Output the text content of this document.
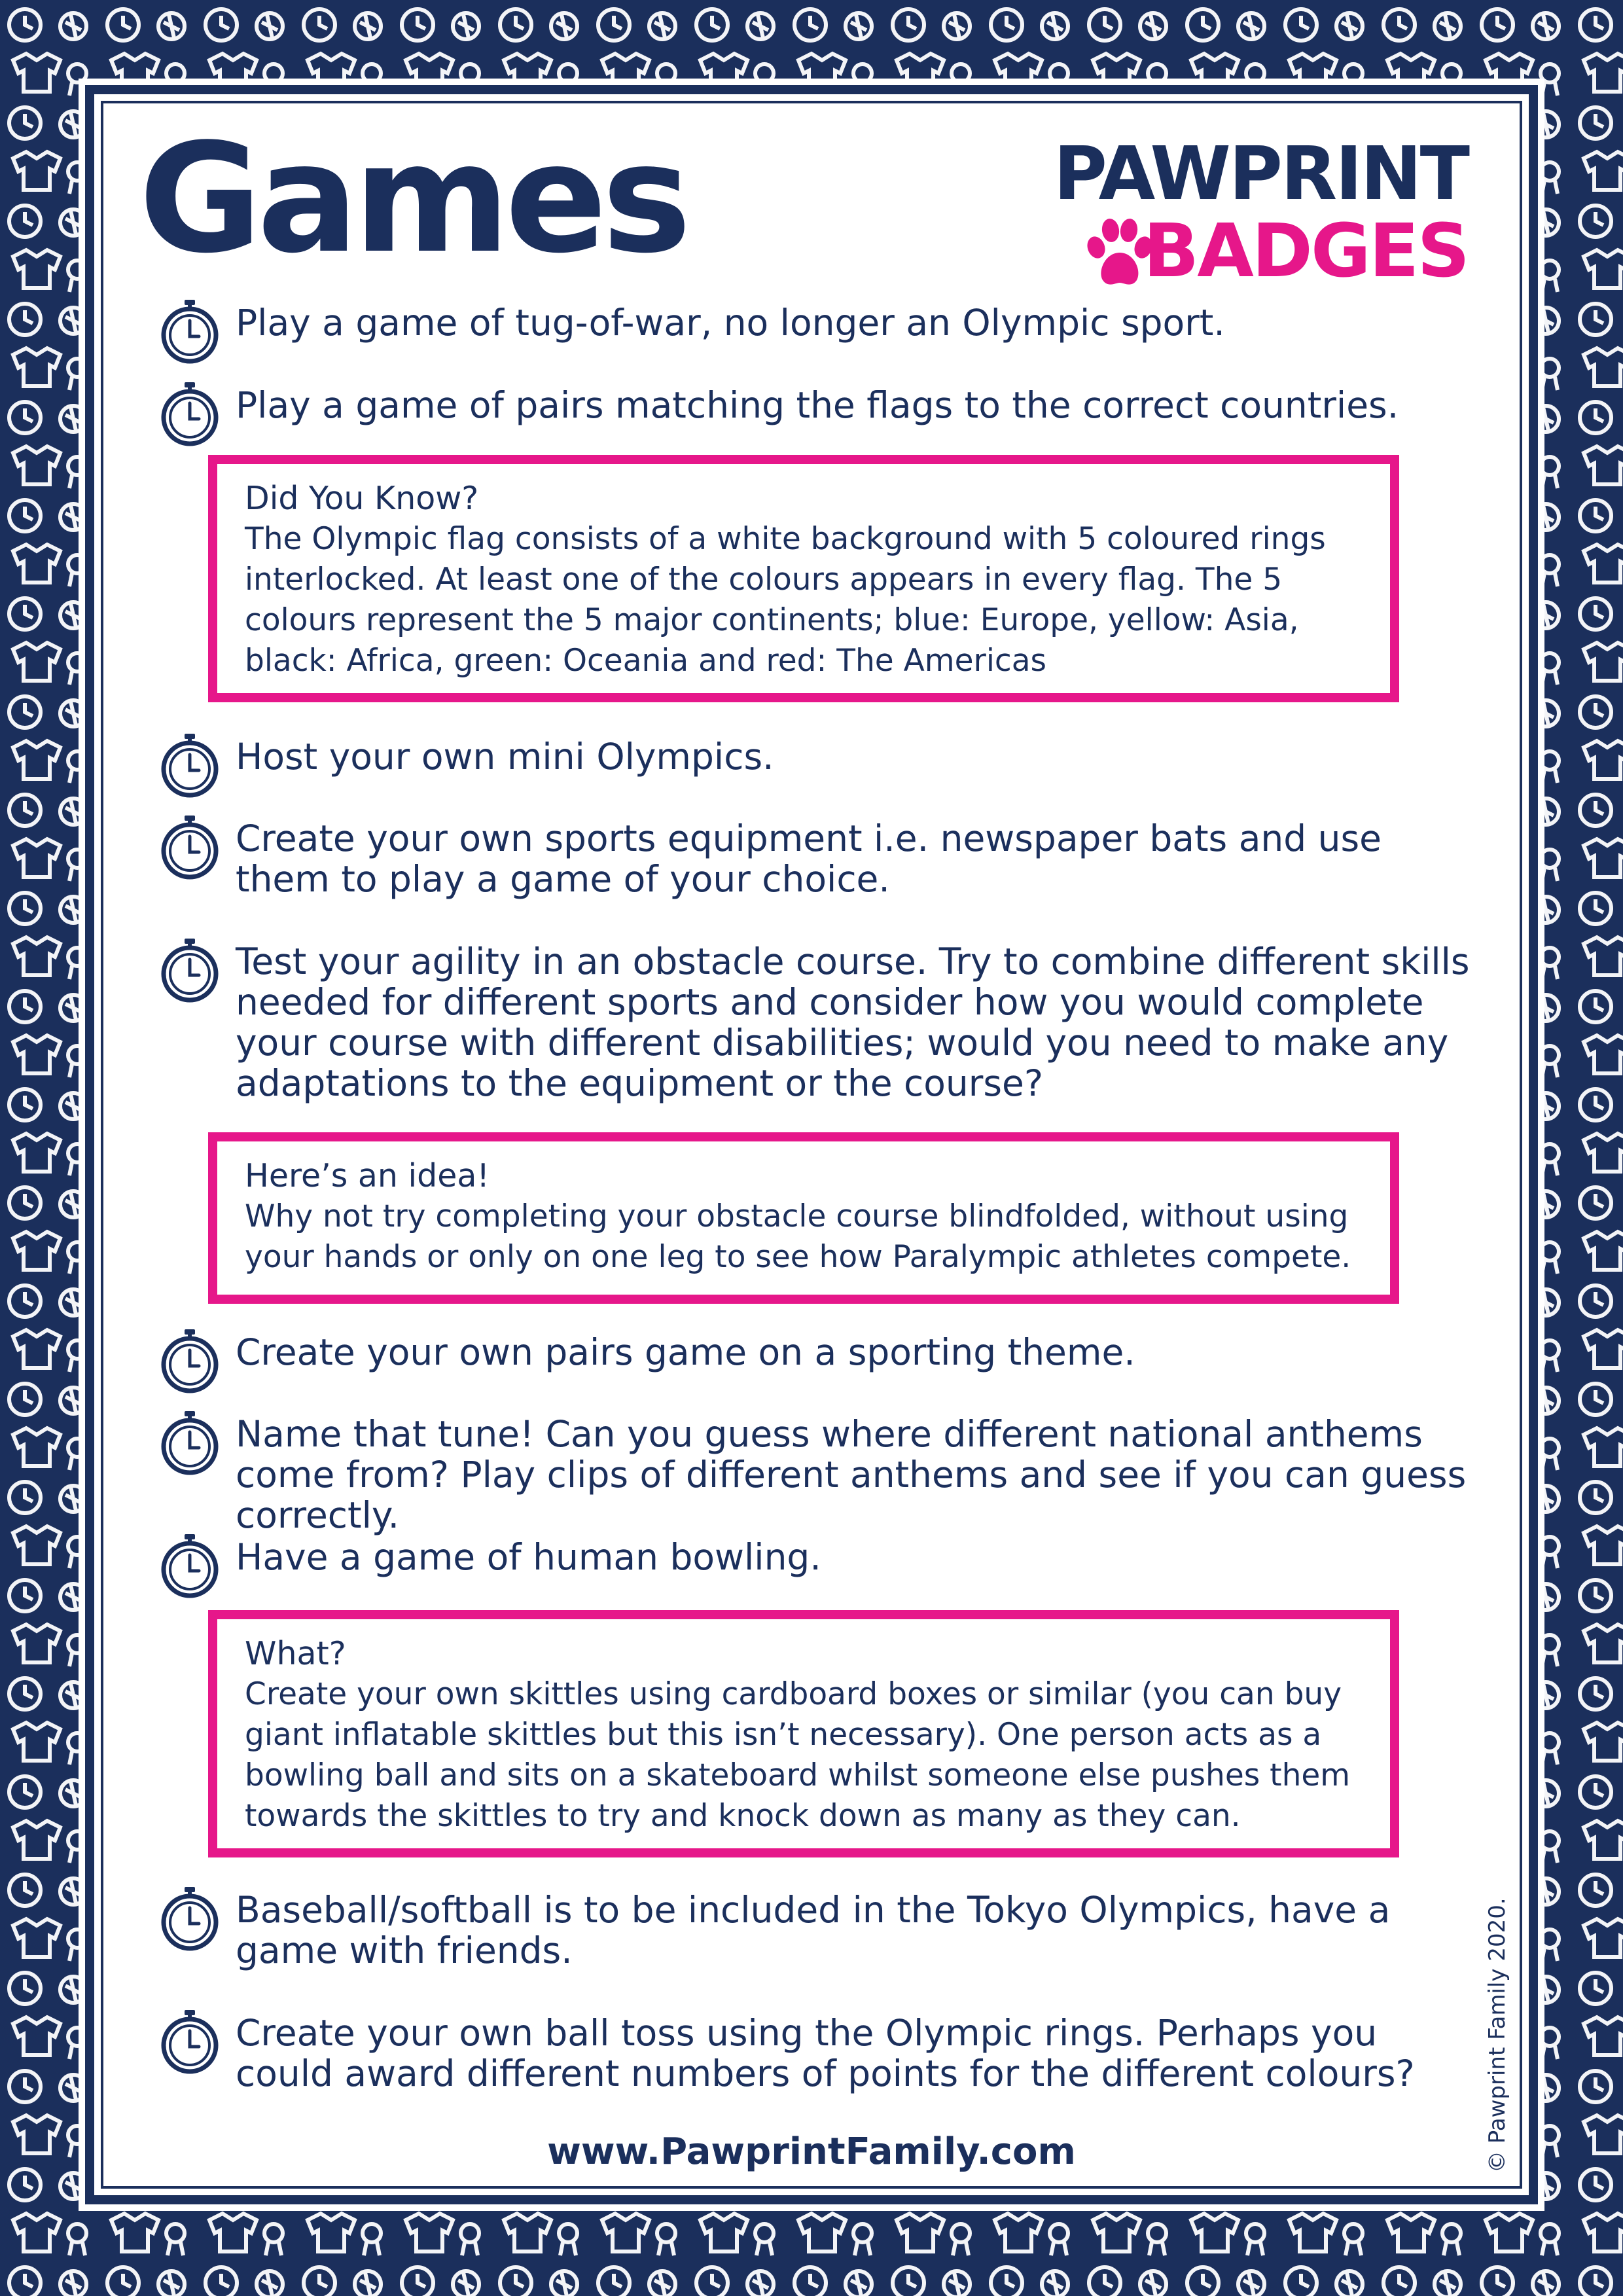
Games	PAWPRINT
BADGES
Play a game of tug-of-war, no longer an Olympic sport.
Play a game of pairs matching the flags to the correct countries.
Did You Know?
The Olympic flag consists of a white background with 5 coloured rings interlocked. At least one of the colours appears in every flag. The 5 colours represent the 5 major continents; blue: Europe, yellow: Asia, black: Africa, green: Oceania and red: The Americas
Host your own mini Olympics.
Create your own sports equipment i.e. newspaper bats and use them to play a game of your choice.
Test your agility in an obstacle course. Try to combine different skills needed for different sports and consider how you would complete your course with different disabilities; would you need to make any adaptations to the equipment or the course?
Here’s an idea!
Why not try completing your obstacle course blindfolded, without using your hands or only on one leg to see how Paralympic athletes compete.
Create your own pairs game on a sporting theme.
Name that tune! Can you guess where different national anthems come from? Play clips of different anthems and see if you can guess correctly.
Have a game of human bowling.
What?
Create your own skittles using cardboard boxes or similar (you can buy giant inflatable skittles but this isn’t necessary). One person acts as a bowling ball and sits on a skateboard whilst someone else pushes them towards the skittles to try and knock down as many as they can.
Baseball/softball is to be included in the Tokyo Olympics, have a game with friends.
Create your own ball toss using the Olympic rings. Perhaps you could award different numbers of points for the different colours?
www.PawprintFamily.com	© Pawprint Family 2020.
